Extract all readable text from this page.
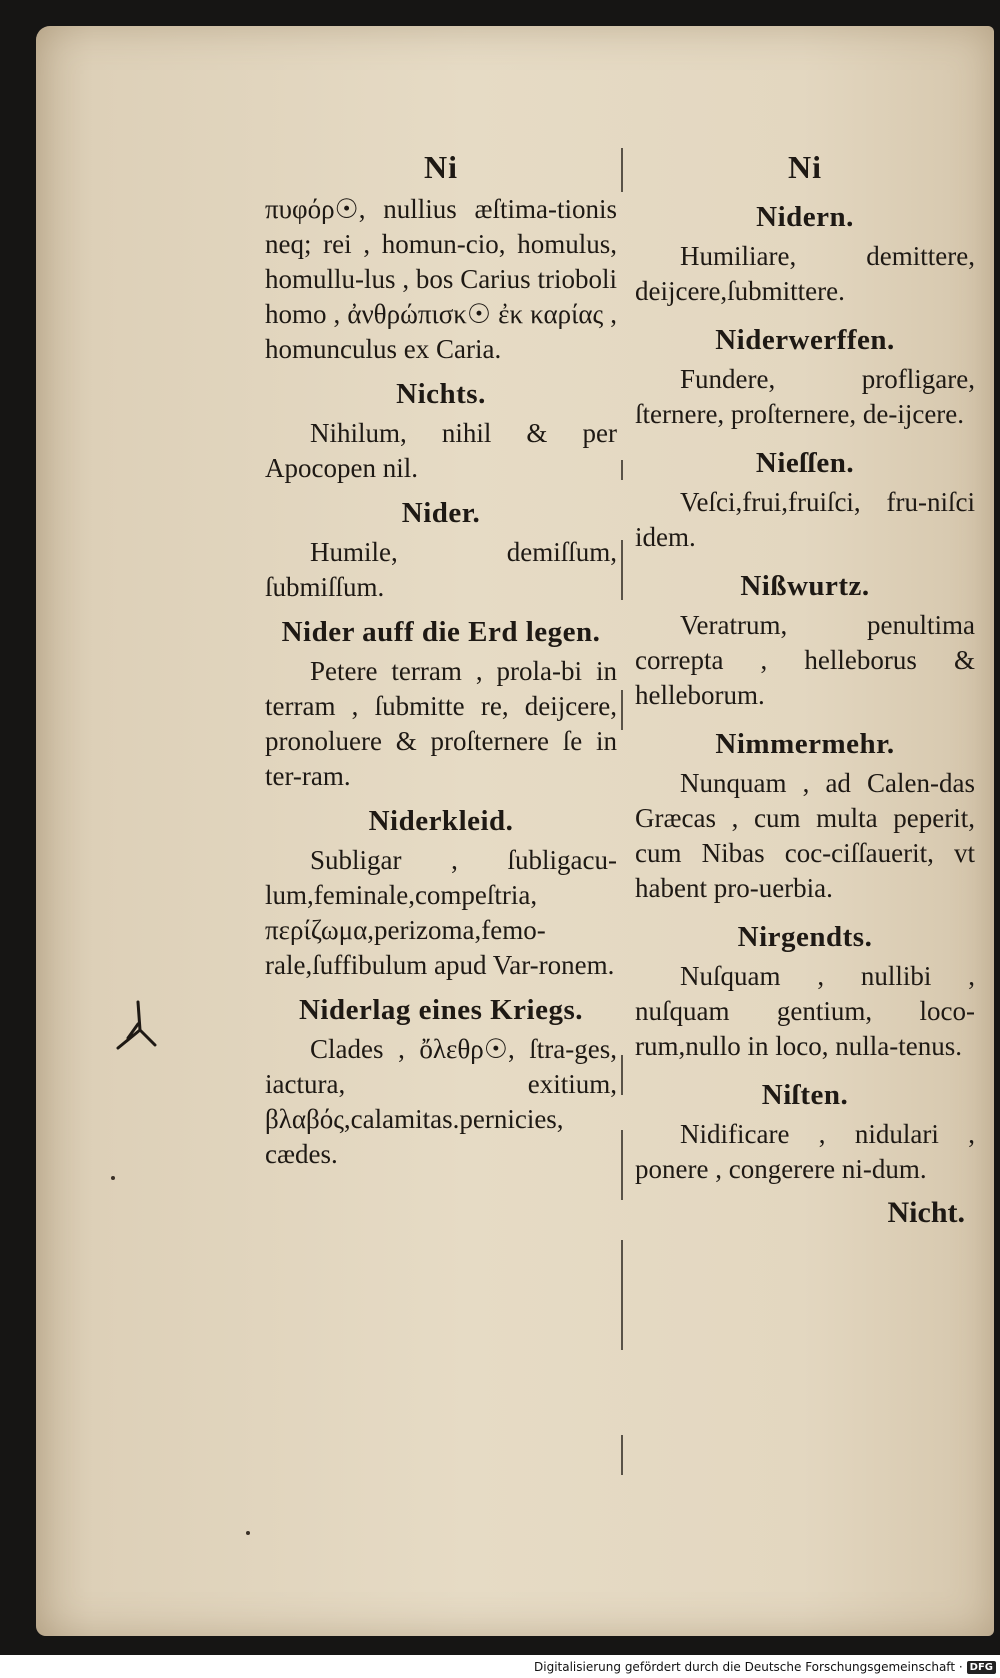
Ni
πυφόρ☉, nullius æſtima-tionis neq; rei , homun-cio, homulus, homullu-lus , bos Carius trioboli homo , ἀνθρώπισκ☉ ἐκ καρίας , homunculus ex Caria.
Nichts.
Nihilum, nihil & per Apocopen nil.
Nider.
Humile, demiſſum, ſubmiſſum.
Nider auff die Erd legen.
Petere terram , prola-bi in terram , ſubmitte re, deijcere, pronoluere & proſternere ſe in ter-ram.
Niderkleid.
Subligar , ſubligacu-lum,feminale,compeſtria, περίζωμα,perizoma,femo-rale,ſuffibulum apud Var-ronem.
Niderlag eines Kriegs.
Clades , ὄλεθρ☉, ſtra-ges, iactura, exitium, βλαβός,calamitas.pernicies, cædes.
Ni
Nidern.
Humiliare, demittere, deijcere,ſubmittere.
Niderwerffen.
Fundere, profligare, ſternere, proſternere, de-ijcere.
Nieſſen.
Veſci,frui,fruiſci, fru-niſci idem.
Nißwurtz.
Veratrum, penultima correpta , helleborus & helleborum.
Nimmermehr.
Nunquam , ad Calen-das Græcas , cum multa peperit, cum Nibas coc-ciſſauerit, vt habent pro-uerbia.
Nirgendts.
Nuſquam , nullibi , nuſquam gentium, loco-rum,nullo in loco, nulla-tenus.
Niſten.
Nidificare , nidulari , ponere , congerere ni-dum.
Nicht.
Digitalisierung gefördert durch die Deutsche Forschungsgemeinschaft · DFG
